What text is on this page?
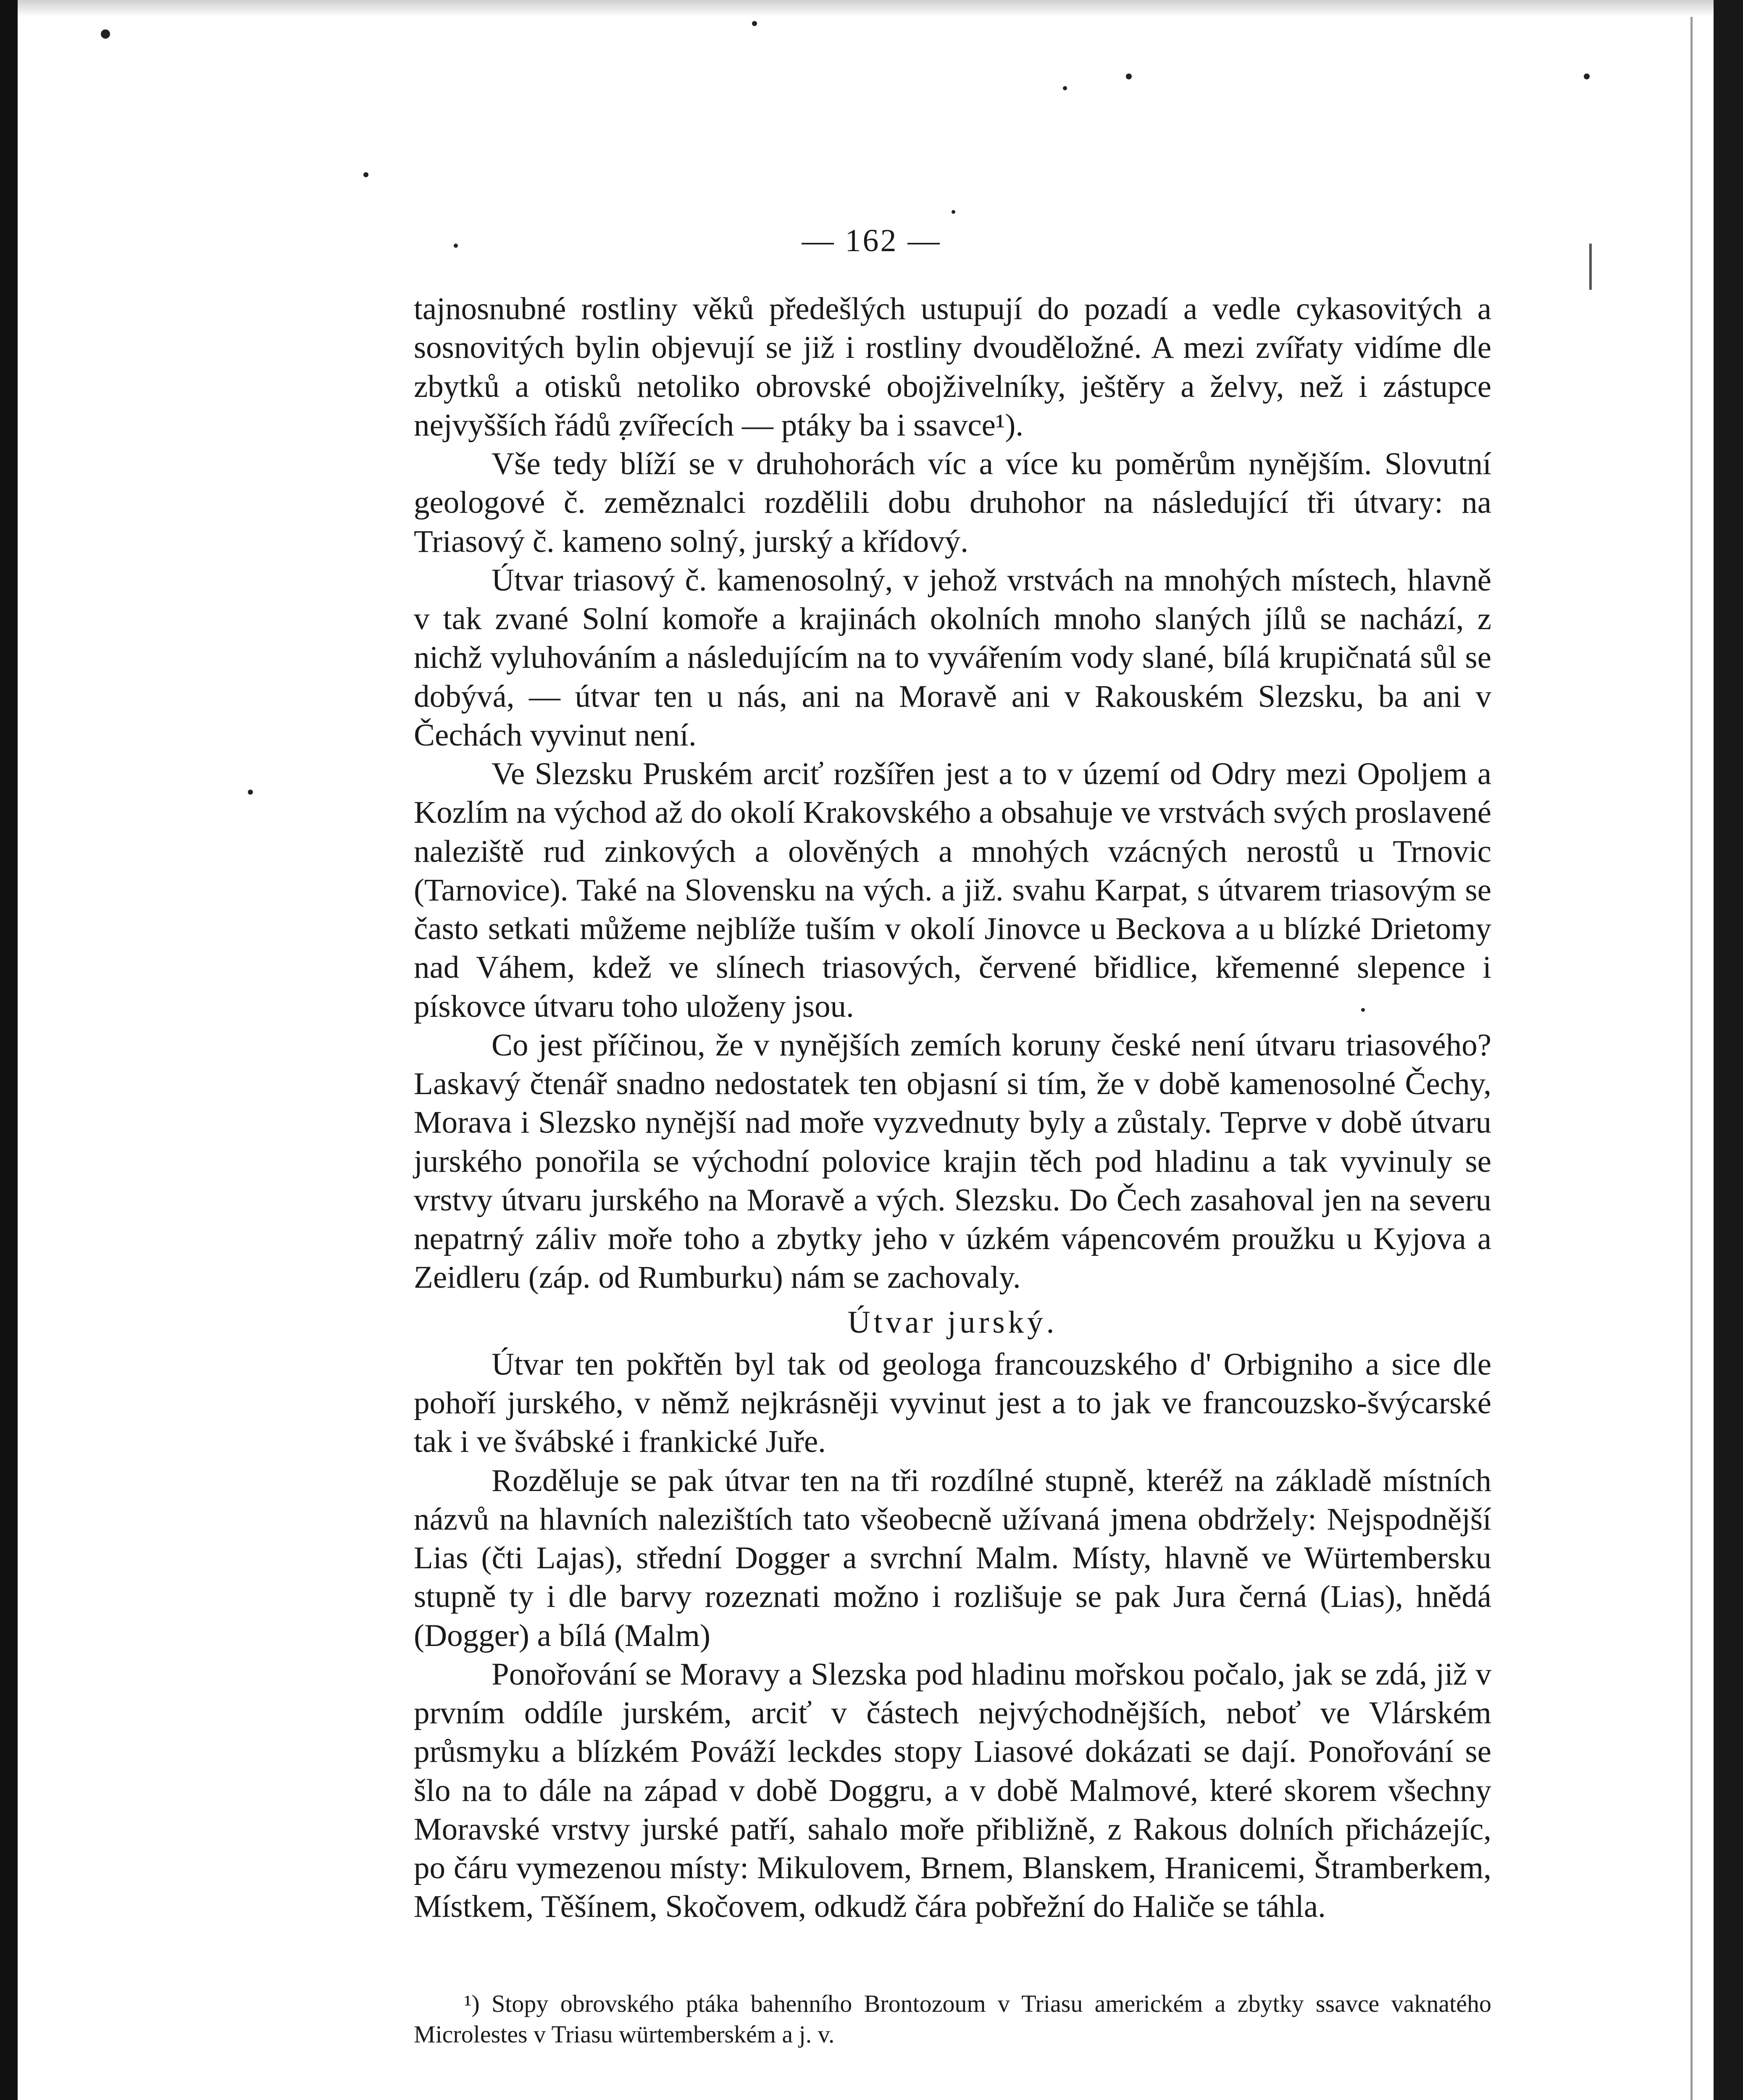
— 162 —

tajnosnubné rostliny věků předešlých ustupují do pozadí a vedle cykasovitých a sosnovitých bylin objevují se již i rostliny dvouděložné. A mezi zvířaty vidíme dle zbytků a otisků netoliko obrovské obojživelníky, ještěry a želvy, než i zástupce nejvyšších řádů zvířecích — ptáky ba i ssavce¹).

Vše tedy blíží se v druhohorách víc a více ku poměrům nynějším. Slovutní geologové č. zeměznalci rozdělili dobu druhohor na následující tři útvary: na Triasový č. kameno solný, jurský a křídový.

Útvar triasový č. kamenosolný, v jehož vrstvách na mnohých místech, hlavně v tak zvané Solní komoře a krajinách okolních mnoho slaných jílů se nachází, z nichž vyluhováním a následujícím na to vyvářením vody slané, bílá krupičnatá sůl se dobývá, — útvar ten u nás, ani na Moravě ani v Rakouském Slezsku, ba ani v Čechách vyvinut není.

Ve Slezsku Pruském arciť rozšířen jest a to v území od Odry mezi Opoljem a Kozlím na východ až do okolí Krakovského a obsahuje ve vrstvách svých proslavené naleziště rud zinkových a olověných a mnohých vzácných nerostů u Trnovic (Tarnovice). Také na Slovensku na vých. a již. svahu Karpat, s útvarem triasovým se často setkati můžeme nejblíže tuším v okolí Jinovce u Beckova a u blízké Drietomy nad Váhem, kdež ve slínech triasových, červené břidlice, křemenné slepence i pískovce útvaru toho uloženy jsou.

Co jest příčinou, že v nynějších zemích koruny české není útvaru triasového? Laskavý čtenář snadno nedostatek ten objasní si tím, že v době kamenosolné Čechy, Morava i Slezsko nynější nad moře vyzvednuty byly a zůstaly. Teprve v době útvaru jurského ponořila se východní polovice krajin těch pod hladinu a tak vyvinuly se vrstvy útvaru jurského na Moravě a vých. Slezsku. Do Čech zasahoval jen na severu nepatrný záliv moře toho a zbytky jeho v úzkém vápencovém proužku u Kyjova a Zeidleru (záp. od Rumburku) nám se zachovaly.

Útvar jurský.

Útvar ten pokřtěn byl tak od geologa francouzského d' Orbigniho a sice dle pohoří jurského, v němž nejkrásněji vyvinut jest a to jak ve francouzsko-švýcarské tak i ve švábské i frankické Juře.

Rozděluje se pak útvar ten na tři rozdílné stupně, kteréž na základě místních názvů na hlavních nalezištích tato všeobecně užívaná jmena obdržely: Nejspodnější Lias (čti Lajas), střední Dogger a svrchní Malm. Místy, hlavně ve Würtembersku stupně ty i dle barvy rozeznati možno i rozlišuje se pak Jura černá (Lias), hnědá (Dogger) a bílá (Malm)

Ponořování se Moravy a Slezska pod hladinu mořskou počalo, jak se zdá, již v prvním oddíle jurském, arciť v částech nejvýchodnějších, neboť ve Vlárském průsmyku a blízkém Pováží leckdes stopy Liasové dokázati se dají. Ponořování se šlo na to dále na západ v době Doggru, a v době Malmové, které skorem všechny Moravské vrstvy jurské patří, sahalo moře přibližně, z Rakous dolních přicházejíc, po čáru vymezenou místy: Mikulovem, Brnem, Blanskem, Hranicemi, Štramberkem, Místkem, Těšínem, Skočovem, odkudž čára pobřežní do Haliče se táhla.

¹) Stopy obrovského ptáka bahenního Brontozoum v Triasu americkém a zbytky ssavce vaknatého Microlestes v Triasu würtemberském a j. v.
